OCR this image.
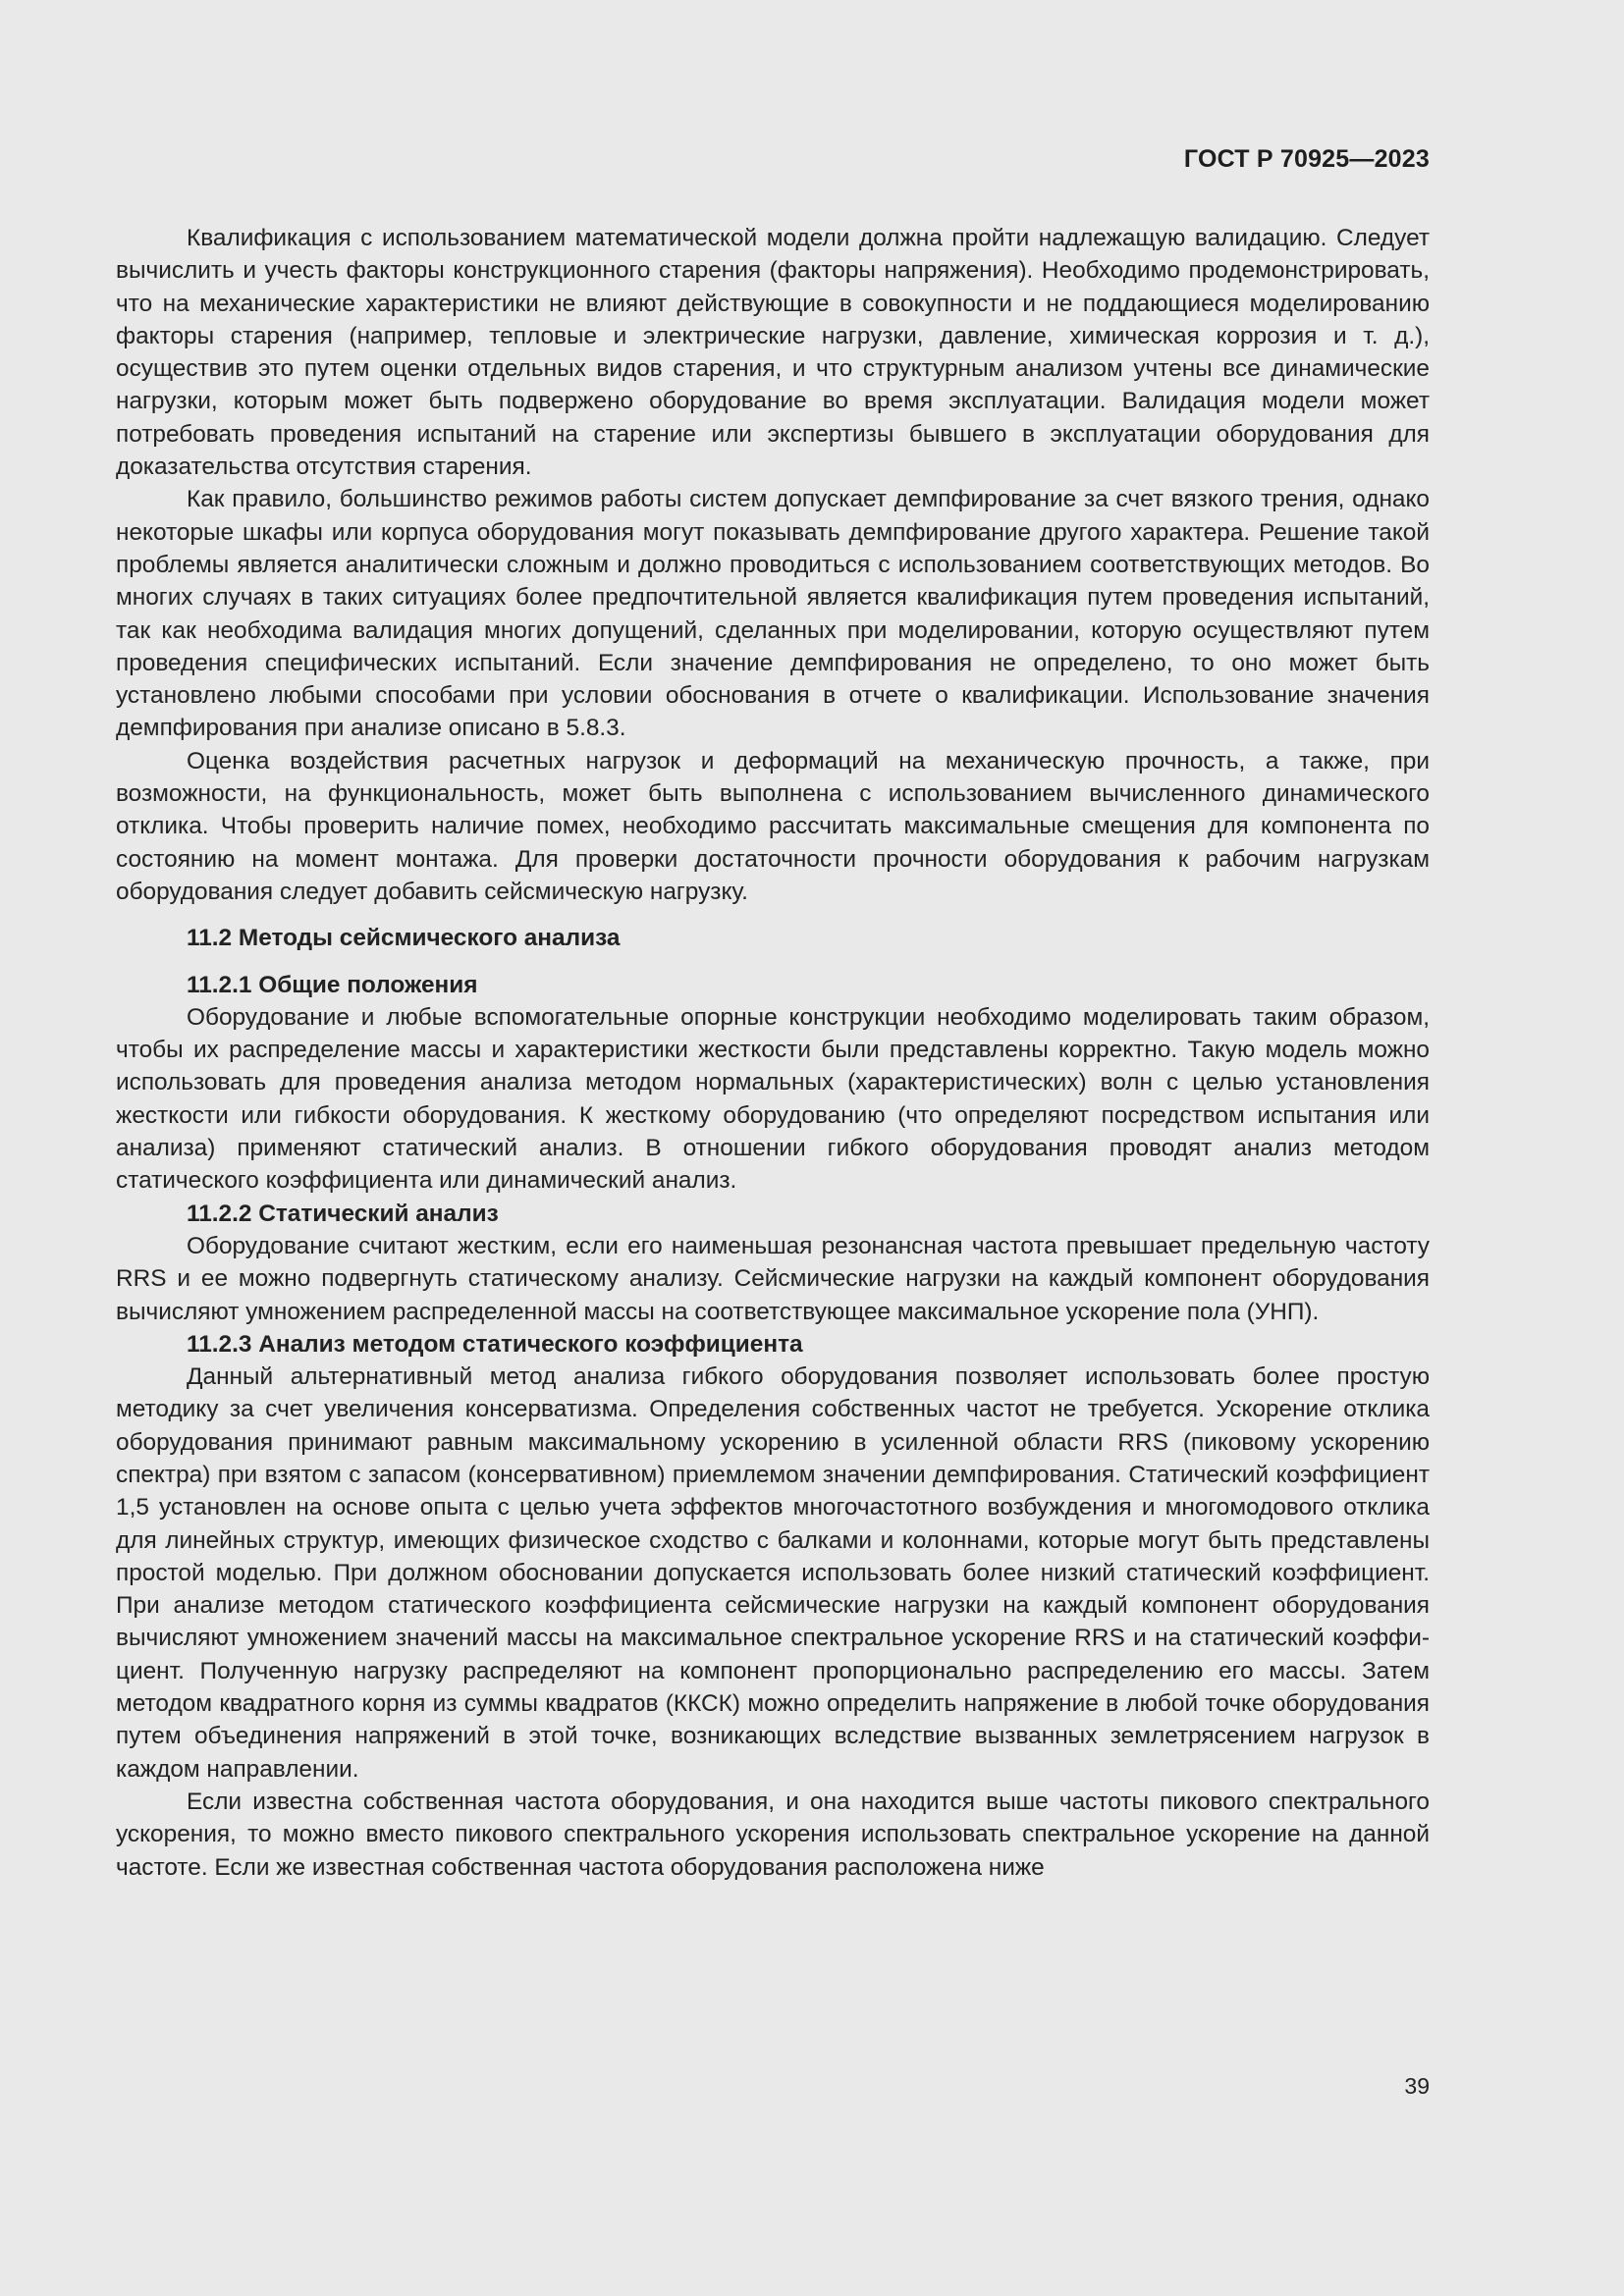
ГОСТ Р 70925—2023

Квалификация с использованием математической модели должна пройти надлежащую валидацию. Следует вычислить и учесть факторы конструкционного старения (факторы напряжения). Необходимо продемонстрировать, что на механические характеристики не влияют действующие в совокупности и не поддающиеся моделированию факторы старения (например, тепловые и электрические нагрузки, давление, химическая коррозия и т. д.), осуществив это путем оценки отдельных видов старения, и что структурным анализом учтены все динамические нагрузки, которым может быть подвержено оборудование во время эксплуатации. Валидация модели может потребовать проведения испытаний на старение или экспертизы бывшего в эксплуатации оборудования для доказательства отсутствия старения.

Как правило, большинство режимов работы систем допускает демпфирование за счет вязкого трения, однако некоторые шкафы или корпуса оборудования могут показывать демпфирование другого характера. Решение такой проблемы является аналитически сложным и должно проводиться с использованием соответствующих методов. Во многих случаях в таких ситуациях более предпочтительной является квалификация путем проведения испытаний, так как необходима валидация многих допущений, сделанных при моделировании, которую осуществляют путем проведения специфических испытаний. Если значение демпфирования не определено, то оно может быть установлено любыми способами при условии обоснования в отчете о квалификации. Использование значения демпфирования при анализе описано в 5.8.3.

Оценка воздействия расчетных нагрузок и деформаций на механическую прочность, а также, при возможности, на функциональность, может быть выполнена с использованием вычисленного динамического отклика. Чтобы проверить наличие помех, необходимо рассчитать максимальные смещения для компонента по состоянию на момент монтажа. Для проверки достаточности прочности оборудования к рабочим нагрузкам оборудования следует добавить сейсмическую нагрузку.

11.2 Методы сейсмического анализа
11.2.1 Общие положения

Оборудование и любые вспомогательные опорные конструкции необходимо моделировать таким образом, чтобы их распределение массы и характеристики жесткости были представлены корректно. Такую модель можно использовать для проведения анализа методом нормальных (характеристических) волн с целью установления жесткости или гибкости оборудования. К жесткому оборудованию (что определяют посредством испытания или анализа) применяют статический анализ. В отношении гибкого оборудования проводят анализ методом статического коэффициента или динамический анализ.

11.2.2 Статический анализ

Оборудование считают жестким, если его наименьшая резонансная частота превышает предельную частоту RRS и ее можно подвергнуть статическому анализу. Сейсмические нагрузки на каждый компонент оборудования вычисляют умножением распределенной массы на соответствующее максимальное ускорение пола (УНП).

11.2.3 Анализ методом статического коэффициента

Данный альтернативный метод анализа гибкого оборудования позволяет использовать более простую методику за счет увеличения консерватизма. Определения собственных частот не требуется. Ускорение отклика оборудования принимают равным максимальному ускорению в усиленной области RRS (пиковому ускорению спектра) при взятом с запасом (консервативном) приемлемом значении демпфирования. Статический коэффициент 1,5 установлен на основе опыта с целью учета эффектов многочастотного возбуждения и многомодового отклика для линейных структур, имеющих физическое сходство с балками и колоннами, которые могут быть представлены простой моделью. При должном обосновании допускается использовать более низкий статический коэффициент. При анализе методом статического коэффициента сейсмические нагрузки на каждый компонент оборудования вычисляют умножением значений массы на максимальное спектральное ускорение RRS и на статический коэффициент. Полученную нагрузку распределяют на компонент пропорционально распределению его массы. Затем методом квадратного корня из суммы квадратов (ККСК) можно определить напряжение в любой точке оборудования путем объединения напряжений в этой точке, возникающих вследствие вызванных землетрясением нагрузок в каждом направлении.

Если известна собственная частота оборудования, и она находится выше частоты пикового спектрального ускорения, то можно вместо пикового спектрального ускорения использовать спектральное ускорение на данной частоте. Если же известная собственная частота оборудования расположена ниже

39
